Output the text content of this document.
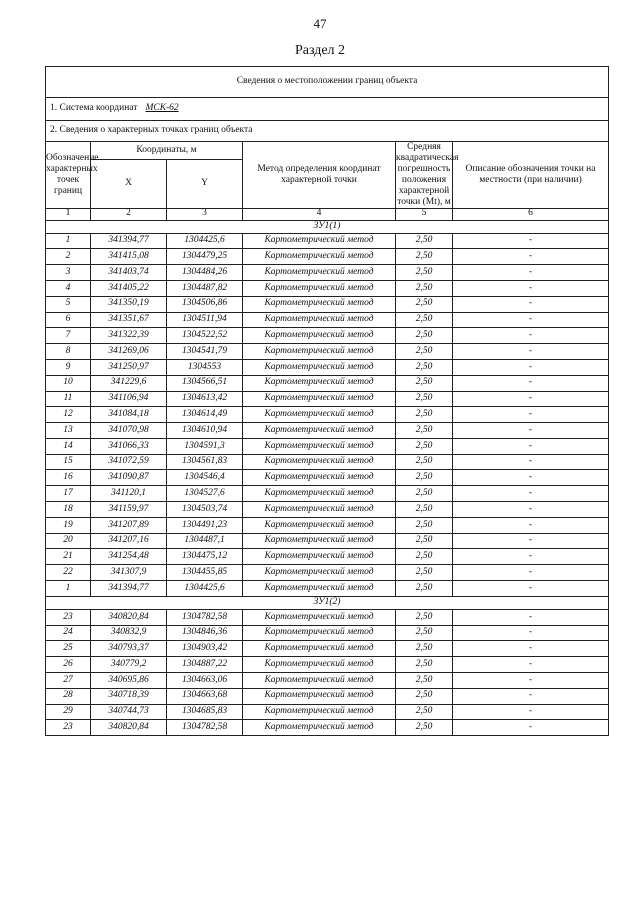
47
Раздел 2
Сведения о местоположении границ объекта					
1. Система координат МСК-62					
2. Сведения о характерных точках границ объекта					
Обозначение характерных точек границ	Координаты, м		Метод определения координат характерной точки	Средняя квадратическая погрешность положения характерной точки (Mt), м	Описание обозначения точки на местности (при наличии)
	X	Y			
1	2	3	4	5	6
ЗУ1(1)					
1	341394,77	1304425,6	Картометрический метод	2,50	-
2	341415,08	1304479,25	Картометрический метод	2,50	-
3	341403,74	1304484,26	Картометрический метод	2,50	-
4	341405,22	1304487,82	Картометрический метод	2,50	-
5	341350,19	1304506,86	Картометрический метод	2,50	-
6	341351,67	1304511,94	Картометрический метод	2,50	-
7	341322,39	1304522,52	Картометрический метод	2,50	-
8	341269,06	1304541,79	Картометрический метод	2,50	-
9	341250,97	1304553	Картометрический метод	2,50	-
10	341229,6	1304566,51	Картометрический метод	2,50	-
11	341106,94	1304613,42	Картометрический метод	2,50	-
12	341084,18	1304614,49	Картометрический метод	2,50	-
13	341070,98	1304610,94	Картометрический метод	2,50	-
14	341066,33	1304591,3	Картометрический метод	2,50	-
15	341072,59	1304561,83	Картометрический метод	2,50	-
16	341090,87	1304546,4	Картометрический метод	2,50	-
17	341120,1	1304527,6	Картометрический метод	2,50	-
18	341159,97	1304503,74	Картометрический метод	2,50	-
19	341207,89	1304491,23	Картометрический метод	2,50	-
20	341207,16	1304487,1	Картометрический метод	2,50	-
21	341254,48	1304475,12	Картометрический метод	2,50	-
22	341307,9	1304455,85	Картометрический метод	2,50	-
1	341394,77	1304425,6	Картометрический метод	2,50	-
ЗУ1(2)					
23	340820,84	1304782,58	Картометрический метод	2,50	-
24	340832,9	1304846,36	Картометрический метод	2,50	-
25	340793,37	1304903,42	Картометрический метод	2,50	-
26	340779,2	1304887,22	Картометрический метод	2,50	-
27	340695,86	1304663,06	Картометрический метод	2,50	-
28	340718,39	1304663,68	Картометрический метод	2,50	-
29	340744,73	1304685,83	Картометрический метод	2,50	-
23	340820,84	1304782,58	Картометрический метод	2,50	-
